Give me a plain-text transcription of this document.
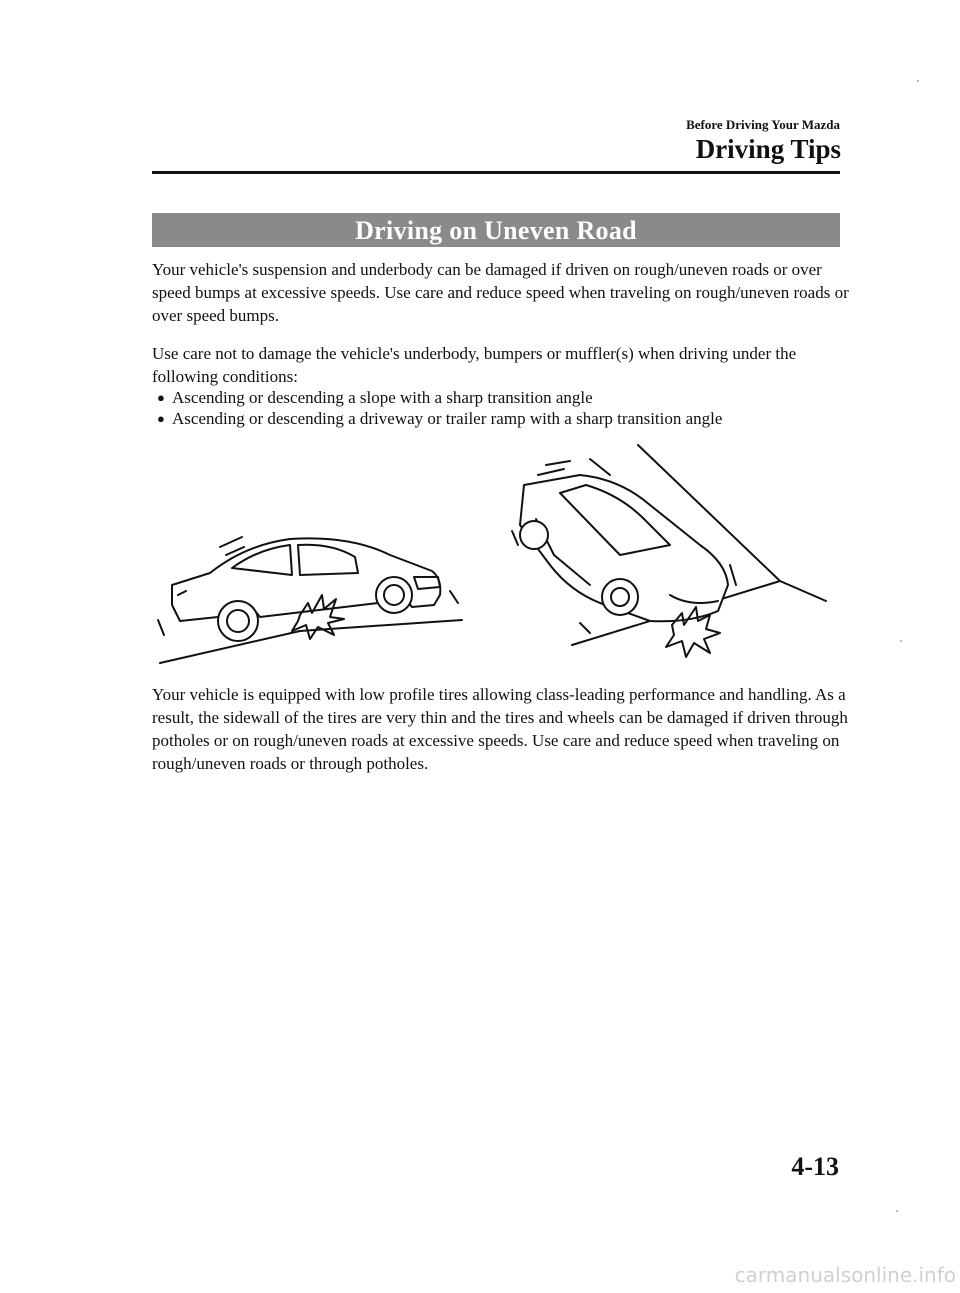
Before Driving Your Mazda
Driving Tips
Driving on Uneven Road
Your vehicle's suspension and underbody can be damaged if driven on rough/uneven roads or over speed bumps at excessive speeds. Use care and reduce speed when traveling on rough/uneven roads or over speed bumps.
Use care not to damage the vehicle's underbody, bumpers or muffler(s) when driving under the following conditions:
● Ascending or descending a slope with a sharp transition angle
● Ascending or descending a driveway or trailer ramp with a sharp transition angle
Your vehicle is equipped with low profile tires allowing class-leading performance and handling. As a result, the sidewall of the tires are very thin and the tires and wheels can be damaged if driven through potholes or on rough/uneven roads at excessive speeds. Use care and reduce speed when traveling on rough/uneven roads or through potholes.
4-13
carmanualsonline.info
